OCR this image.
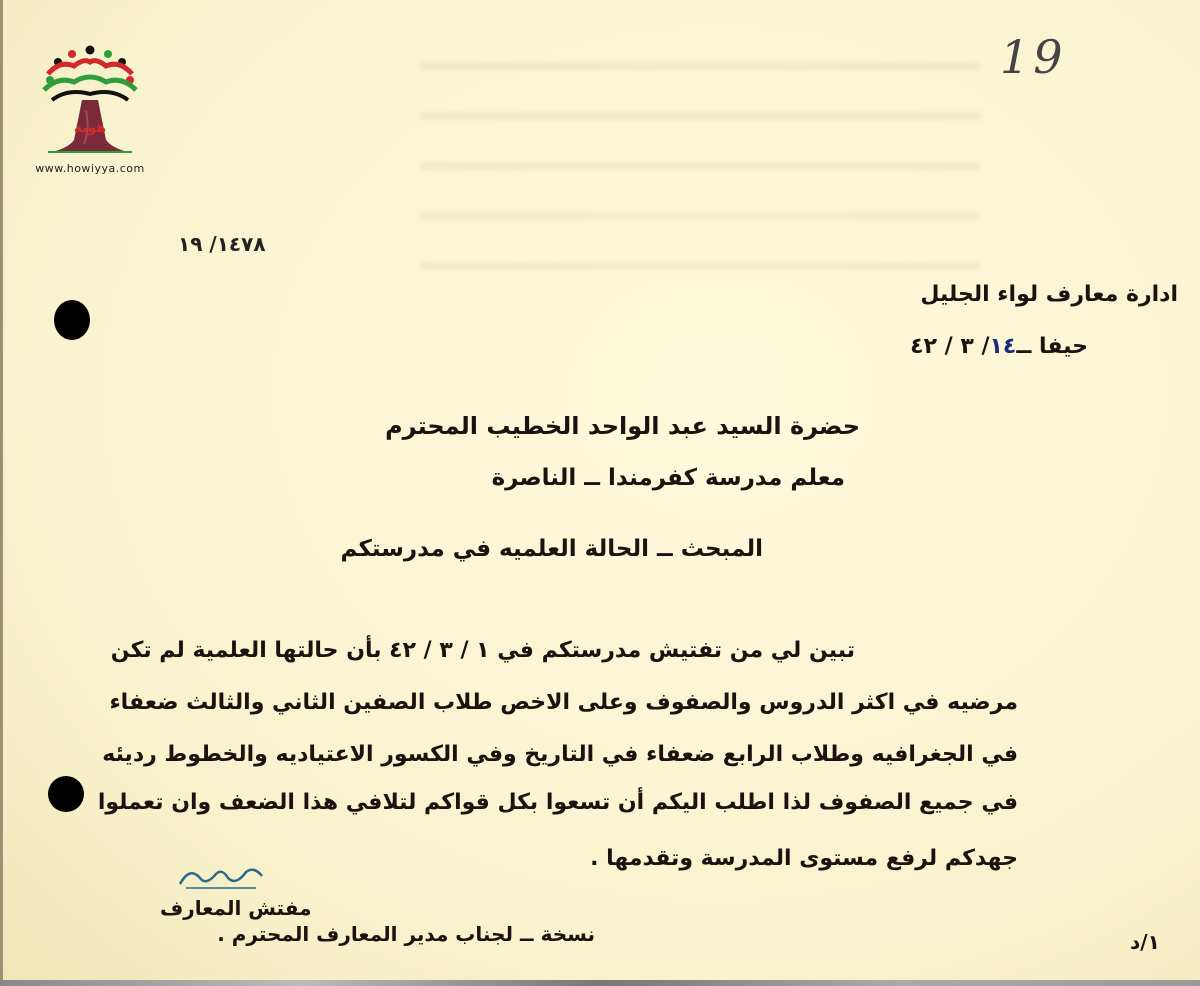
هوية
www.howiyya.com
19
١٤٧٨/ ١٩
ادارة معارف لواء الجليل
حيفا ــ١٤/ ٣ / ٤٢
حضرة السيد عبد الواحد الخطيب المحترم
معلم مدرسة كفرمندا ــ الناصرة
المبحث ــ الحالة العلميه في مدرستكم
تبين لي من تفتيش مدرستكم في ١ / ٣ / ٤٢ بأن حالتها العلمية لم تكن
مرضيه في اكثر الدروس والصفوف وعلى الاخص طلاب الصفين الثاني والثالث ضعفاء
في الجغرافيه وطلاب الرابع ضعفاء في التاريخ وفي الكسور الاعتياديه والخطوط رديئه
في جميع الصفوف لذا اطلب اليكم أن تسعوا بكل قواكم لتلافي هذا الضعف وان تعملوا
جهدكم لرفع مستوى المدرسة وتقدمها .
مفتش المعارف
نسخة ــ لجناب مدير المعارف المحترم .	١/د
